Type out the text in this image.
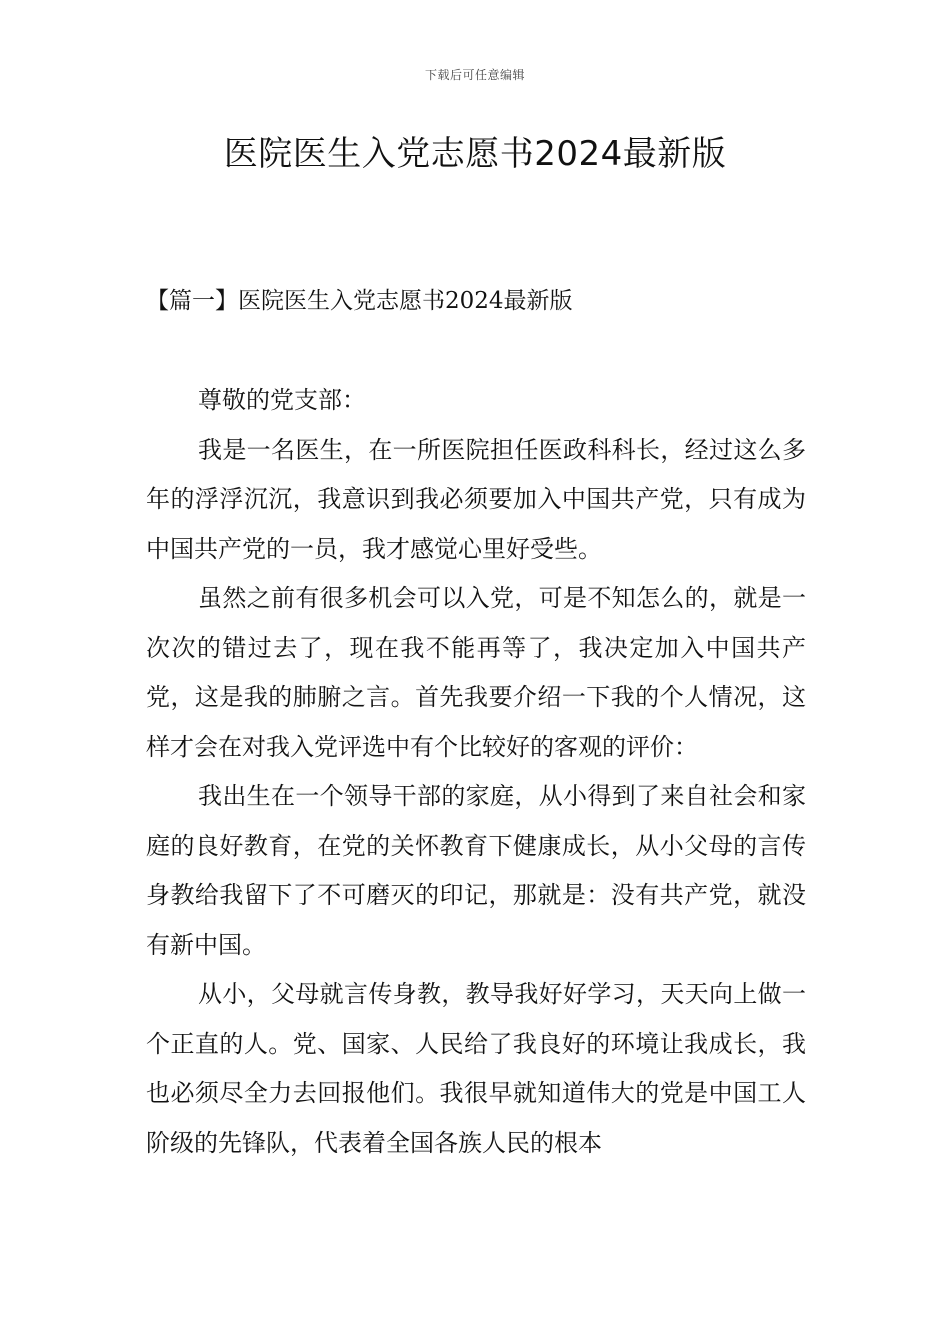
下载后可任意编辑
医院医生入党志愿书2024最新版
【篇一】医院医生入党志愿书2024最新版

尊敬的党支部：

我是一名医生，在一所医院担任医政科科长，经过这么多年的浮浮沉沉，我意识到我必须要加入中国共产党，只有成为中国共产党的一员，我才感觉心里好受些。

虽然之前有很多机会可以入党，可是不知怎么的，就是一次次的错过去了，现在我不能再等了，我决定加入中国共产党，这是我的肺腑之言。首先我要介绍一下我的个人情况，这样才会在对我入党评选中有个比较好的客观的评价：

我出生在一个领导干部的家庭，从小得到了来自社会和家庭的良好教育，在党的关怀教育下健康成长，从小父母的言传身教给我留下了不可磨灭的印记，那就是：没有共产党，就没有新中国。

从小，父母就言传身教，教导我好好学习，天天向上做一个正直的人。党、国家、人民给了我良好的环境让我成长，我也必须尽全力去回报他们。我很早就知道伟大的党是中国工人阶级的先锋队，代表着全国各族人民的根本
